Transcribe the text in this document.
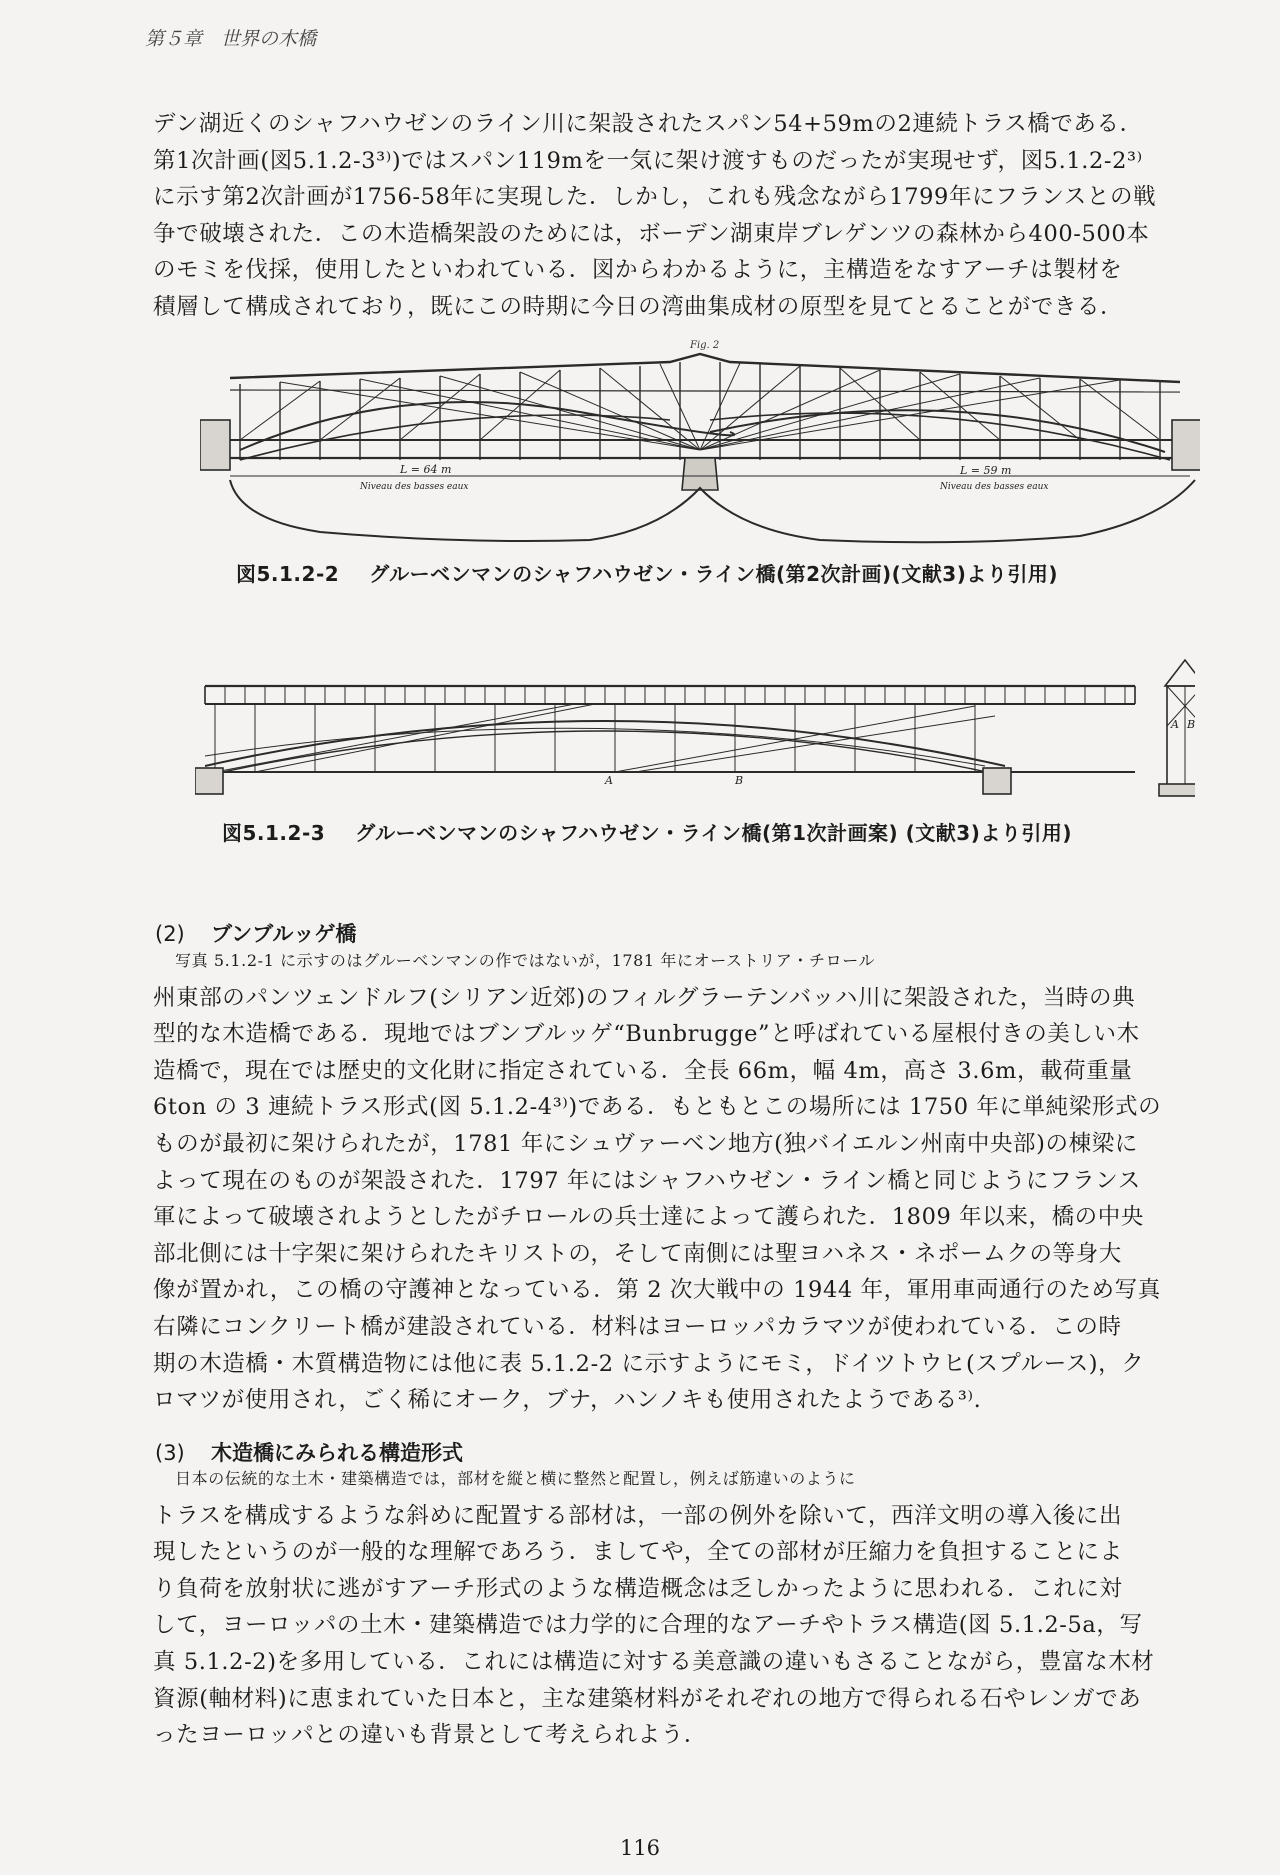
第５章　世界の木橋
デン湖近くのシャフハウゼンのライン川に架設されたスパン54+59mの2連続トラス橋である．
第1次計画(図5.1.2-3³⁾)ではスパン119mを一気に架け渡すものだったが実現せず，図5.1.2-2³⁾
に示す第2次計画が1756-58年に実現した．しかし，これも残念ながら1799年にフランスとの戦
争で破壊された．この木造橋架設のためには，ボーデン湖東岸ブレゲンツの森林から400-500本
のモミを伐採，使用したといわれている．図からわかるように，主構造をなすアーチは製材を
積層して構成されており，既にこの時期に今日の湾曲集成材の原型を見てとることができる．
Fig. 2
L = 64 m	L = 59 m
Niveau des basses eaux	Niveau des basses eaux
図5.1.2-2 グルーベンマンのシャフハウゼン・ライン橋(第2次計画)(文献3)より引用)
A	B
A B
図5.1.2-3 グルーベンマンのシャフハウゼン・ライン橋(第1次計画案) (文献3)より引用)
(2) ブンブルッゲ橋
写真 5.1.2-1 に示すのはグルーベンマンの作ではないが，1781 年にオーストリア・チロール
州東部のパンツェンドルフ(シリアン近郊)のフィルグラーテンバッハ川に架設された，当時の典
型的な木造橋である．現地ではブンブルッゲ“Bunbrugge”と呼ばれている屋根付きの美しい木
造橋で，現在では歴史的文化財に指定されている．全長 66m，幅 4m，高さ 3.6m，載荷重量
6ton の 3 連続トラス形式(図 5.1.2-4³⁾)である．もともとこの場所には 1750 年に単純梁形式の
ものが最初に架けられたが，1781 年にシュヴァーベン地方(独バイエルン州南中央部)の棟梁に
よって現在のものが架設された．1797 年にはシャフハウゼン・ライン橋と同じようにフランス
軍によって破壊されようとしたがチロールの兵士達によって護られた．1809 年以来，橋の中央
部北側には十字架に架けられたキリストの，そして南側には聖ヨハネス・ネポームクの等身大
像が置かれ，この橋の守護神となっている．第 2 次大戦中の 1944 年，軍用車両通行のため写真
右隣にコンクリート橋が建設されている．材料はヨーロッパカラマツが使われている．この時
期の木造橋・木質構造物には他に表 5.1.2-2 に示すようにモミ，ドイツトウヒ(スプルース)，ク
ロマツが使用され，ごく稀にオーク，ブナ，ハンノキも使用されたようである³⁾.
(3) 木造橋にみられる構造形式
日本の伝統的な土木・建築構造では，部材を縦と横に整然と配置し，例えば筋違いのように
トラスを構成するような斜めに配置する部材は，一部の例外を除いて，西洋文明の導入後に出
現したというのが一般的な理解であろう．ましてや，全ての部材が圧縮力を負担することによ
り負荷を放射状に逃がすアーチ形式のような構造概念は乏しかったように思われる．これに対
して，ヨーロッパの土木・建築構造では力学的に合理的なアーチやトラス構造(図 5.1.2-5a，写
真 5.1.2-2)を多用している．これには構造に対する美意識の違いもさることながら，豊富な木材
資源(軸材料)に恵まれていた日本と，主な建築材料がそれぞれの地方で得られる石やレンガであ
ったヨーロッパとの違いも背景として考えられよう．
116
